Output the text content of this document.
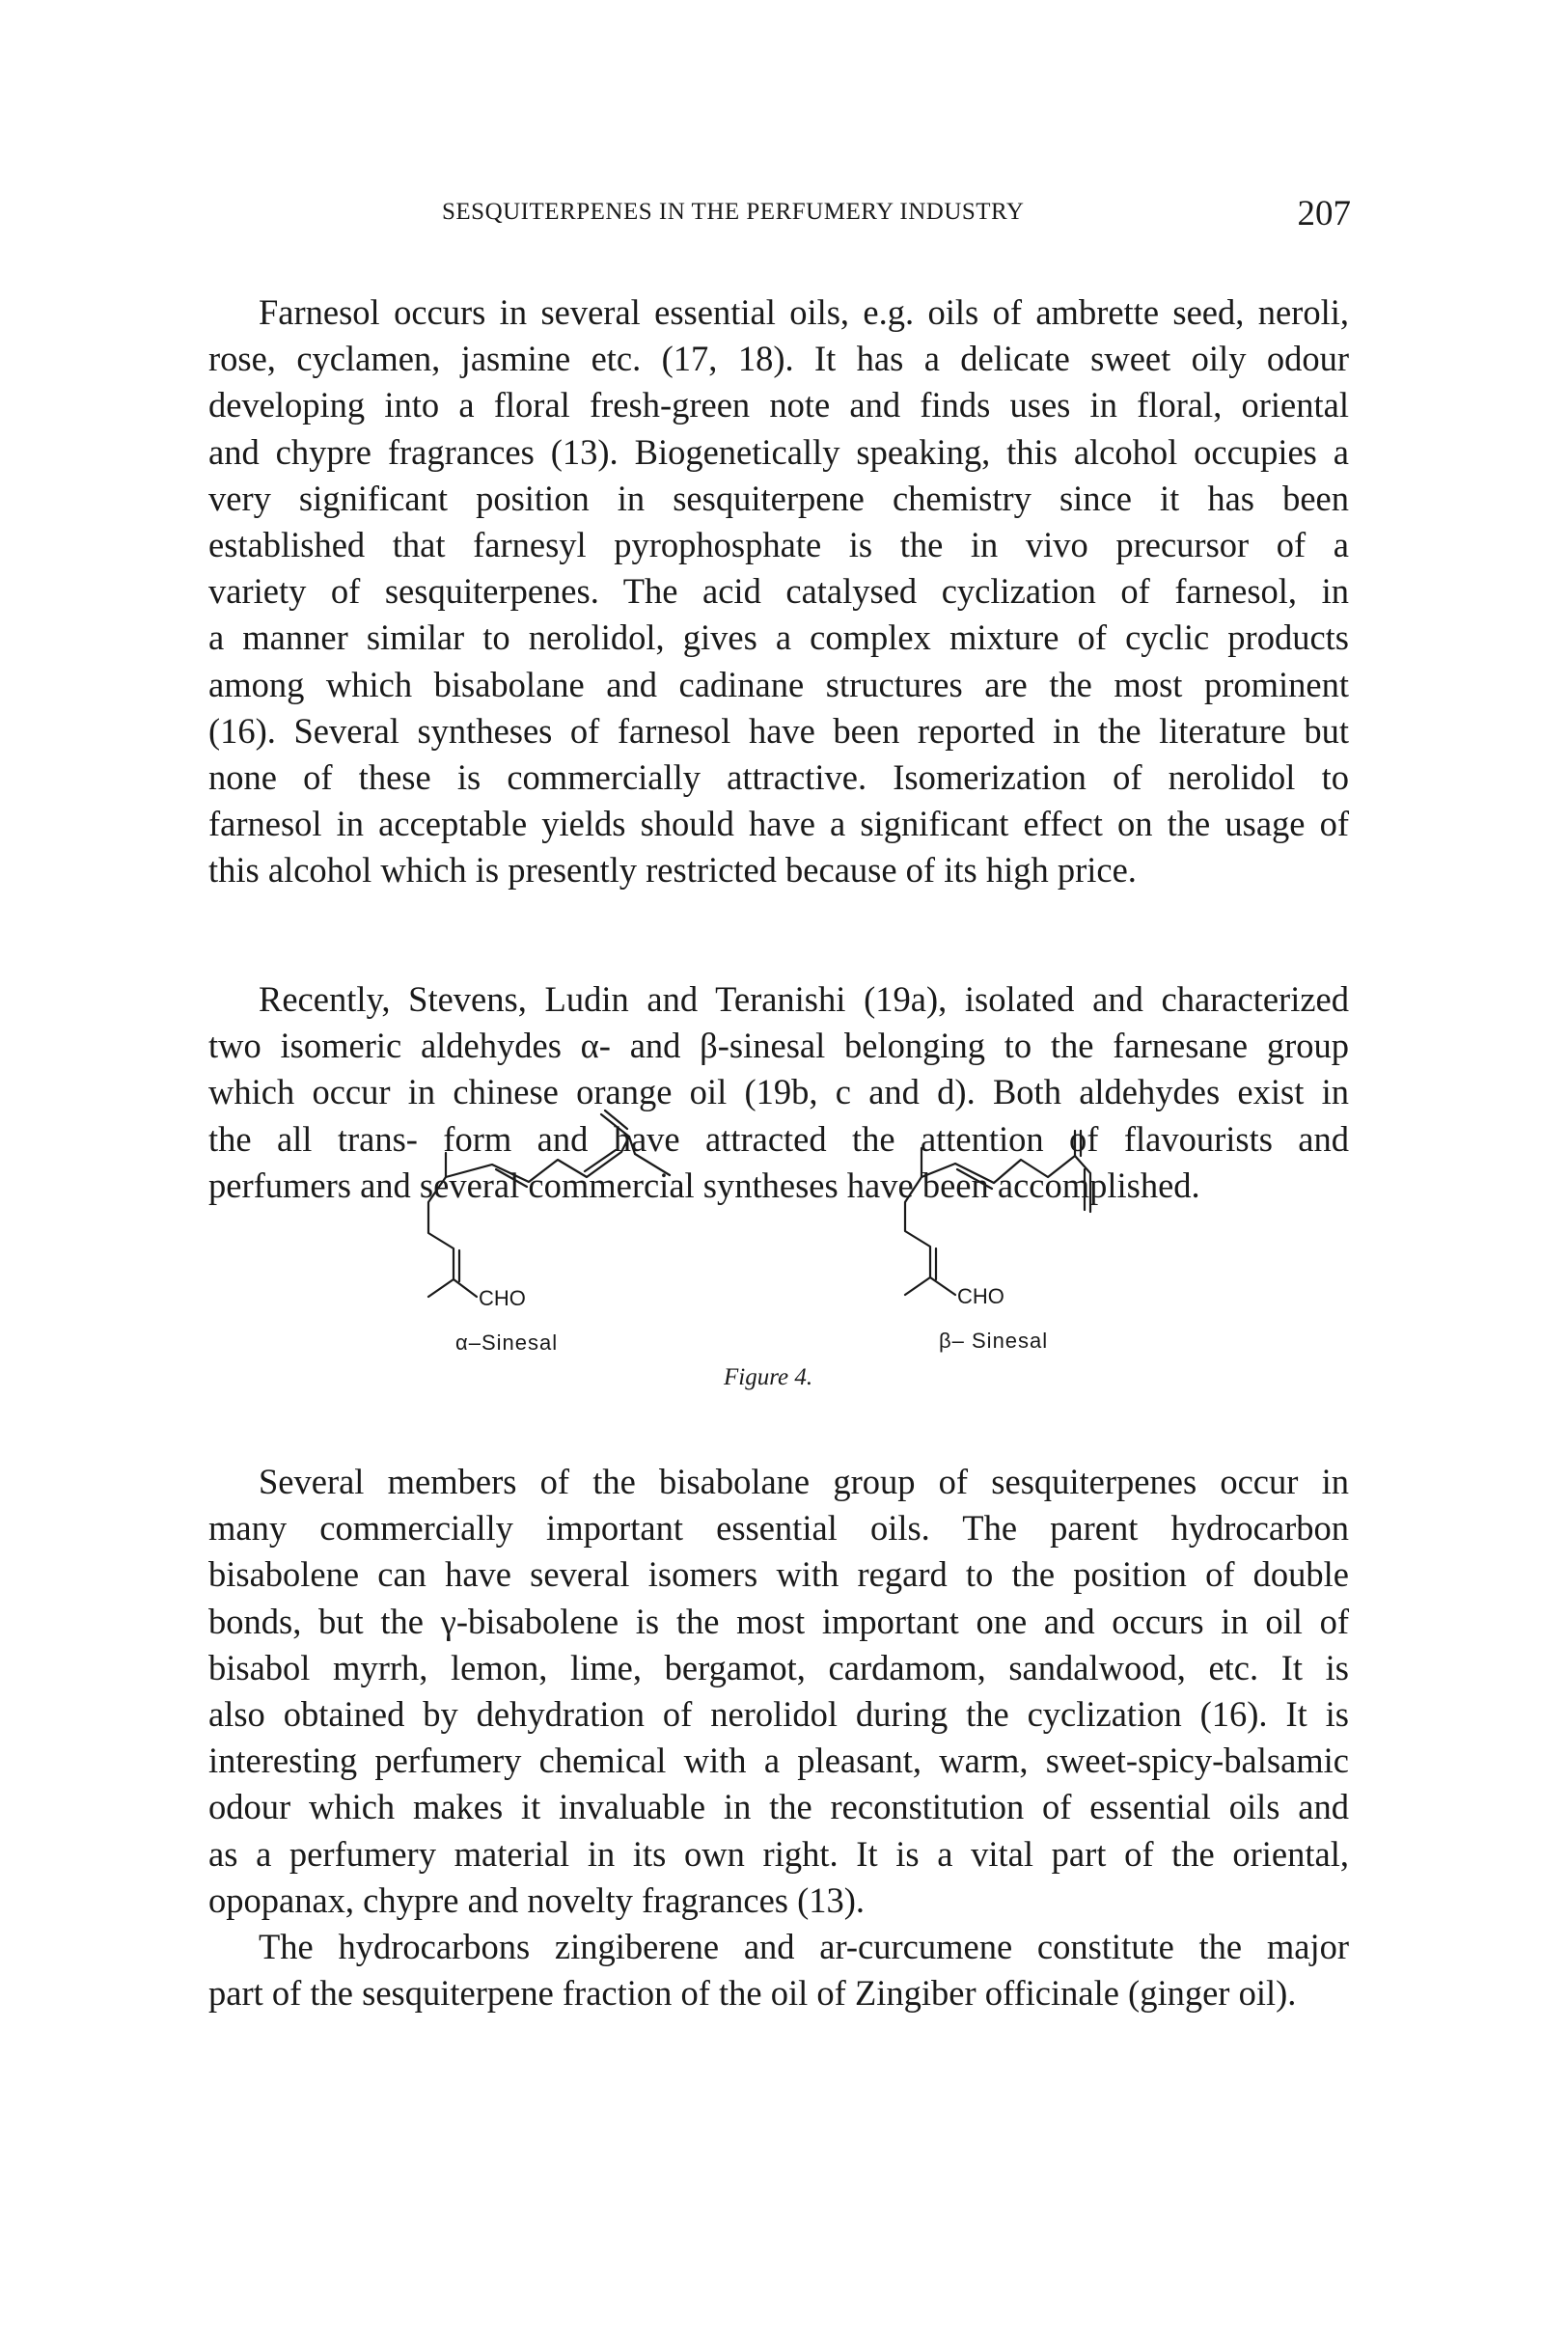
SESQUITERPENES IN THE PERFUMERY INDUSTRY	207
Farnesol occurs in several essential oils, e.g. oils of ambrette seed, neroli,
rose, cyclamen, jasmine etc. (17, 18). It has a delicate sweet oily odour
developing into a floral fresh-green note and finds uses in floral, oriental
and chypre fragrances (13). Biogenetically speaking, this alcohol occupies a
very significant position in sesquiterpene chemistry since it has been
established that farnesyl pyrophosphate is the in vivo precursor of a
variety of sesquiterpenes. The acid catalysed cyclization of farnesol, in
a manner similar to nerolidol, gives a complex mixture of cyclic products
among which bisabolane and cadinane structures are the most prominent
(16). Several syntheses of farnesol have been reported in the literature but
none of these is commercially attractive. Isomerization of nerolidol to
farnesol in acceptable yields should have a significant effect on the usage of
this alcohol which is presently restricted because of its high price.
Recently, Stevens, Ludin and Teranishi (19a), isolated and characterized
two isomeric aldehydes α- and β-sinesal belonging to the farnesane group
which occur in chinese orange oil (19b, c and d). Both aldehydes exist in
the all trans- form and have attracted the attention of flavourists and
perfumers and several commercial syntheses have been accomplished.
CHO
α–Sinesal
CHO
β– Sinesal
Figure 4.
Several members of the bisabolane group of sesquiterpenes occur in
many commercially important essential oils. The parent hydrocarbon
bisabolene can have several isomers with regard to the position of double
bonds, but the γ-bisabolene is the most important one and occurs in oil of
bisabol myrrh, lemon, lime, bergamot, cardamom, sandalwood, etc. It is
also obtained by dehydration of nerolidol during the cyclization (16). It is
interesting perfumery chemical with a pleasant, warm, sweet-spicy-balsamic
odour which makes it invaluable in the reconstitution of essential oils and
as a perfumery material in its own right. It is a vital part of the oriental,
opopanax, chypre and novelty fragrances (13).
The hydrocarbons zingiberene and ar-curcumene constitute the major
part of the sesquiterpene fraction of the oil of Zingiber officinale (ginger oil).
